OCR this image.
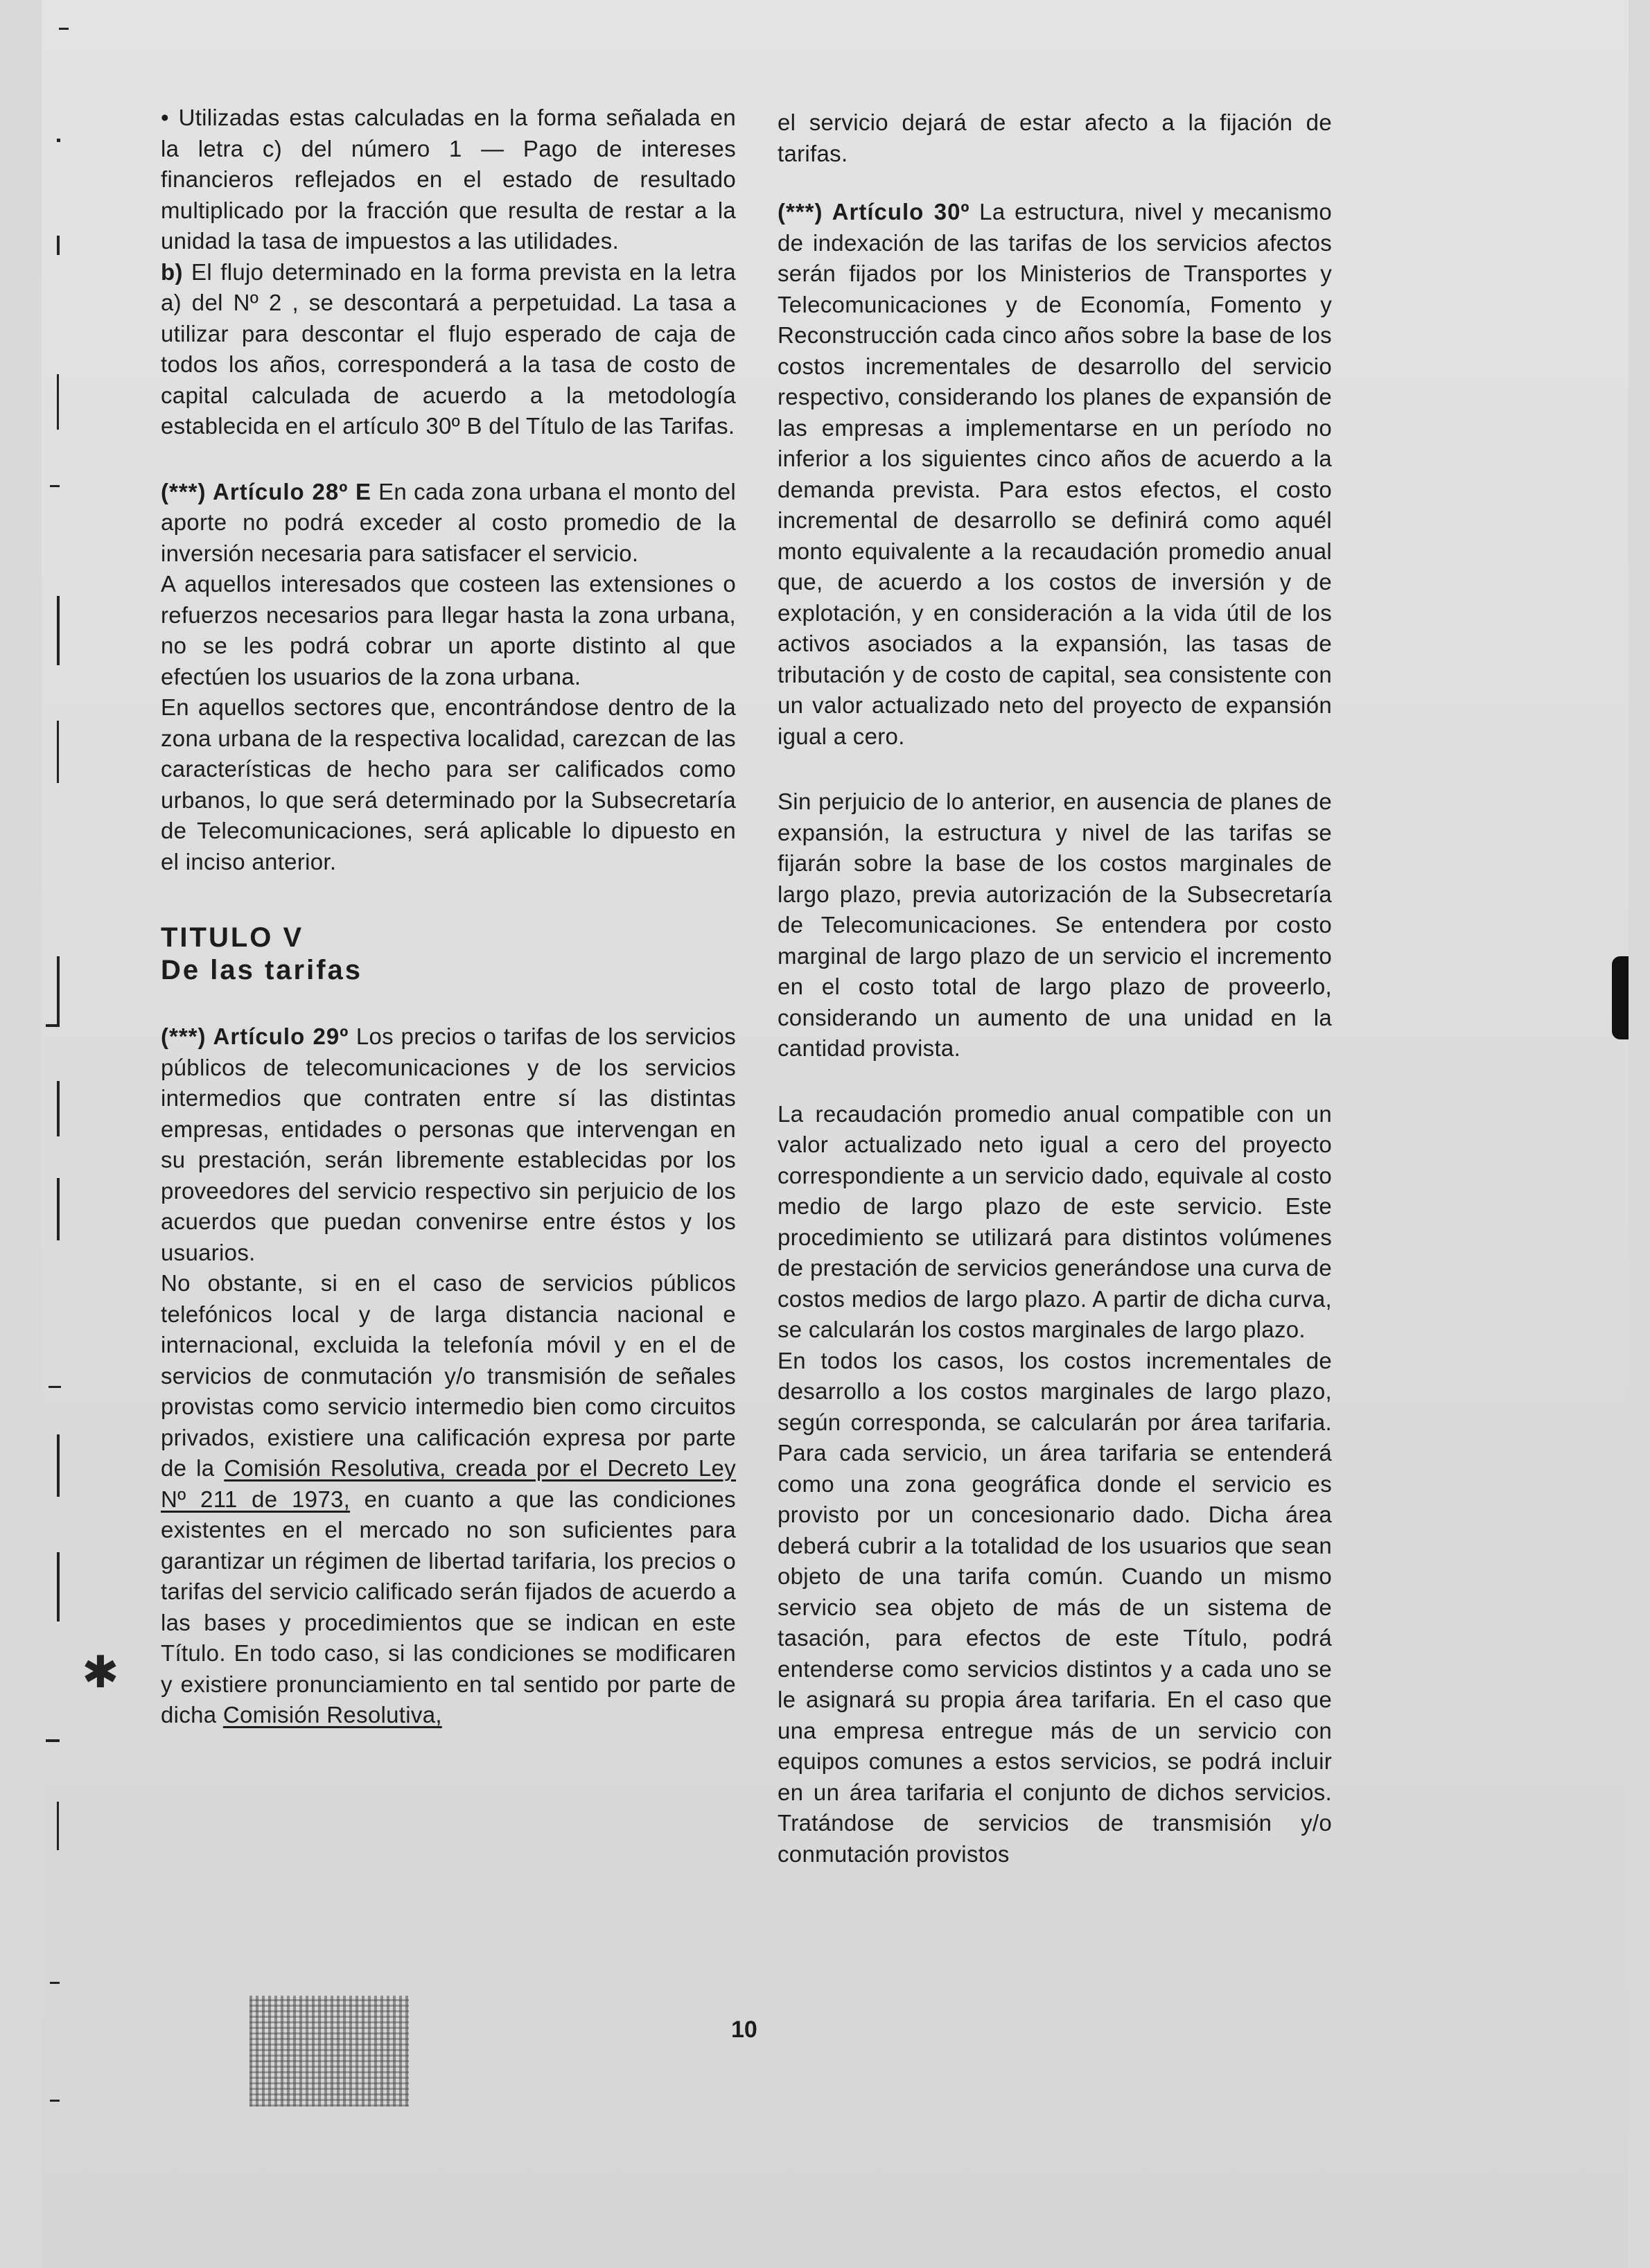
• Utilizadas estas calculadas en la forma señalada en la letra c) del número 1 — Pago de intereses financieros reflejados en el estado de resultado multiplicado por la fracción que resulta de restar a la unidad la tasa de impuestos a las utilidades.

b) El flujo determinado en la forma prevista en la letra a) del Nº 2 , se descontará a perpetuidad. La tasa a utilizar para descontar el flujo esperado de caja de todos los años, corresponderá a la tasa de costo de capital calculada de acuerdo a la metodología establecida en el artículo 30º B del Título de las Tarifas.

(***) Artículo 28º E En cada zona urbana el monto del aporte no podrá exceder al costo promedio de la inversión necesaria para satisfacer el servicio.

A aquellos interesados que costeen las extensiones o refuerzos necesarios para llegar hasta la zona urbana, no se les podrá cobrar un aporte distinto al que efectúen los usuarios de la zona urbana.

En aquellos sectores que, encontrándose dentro de la zona urbana de la respectiva localidad, carezcan de las características de hecho para ser calificados como urbanos, lo que será determinado por la Subsecretaría de Telecomunicaciones, será aplicable lo dipuesto en el inciso anterior.

TITULO V
De las tarifas

(***) Artículo 29º Los precios o tarifas de los servicios públicos de telecomunicaciones y de los servicios intermedios que contraten entre sí las distintas empresas, entidades o personas que intervengan en su prestación, serán libremente establecidas por los proveedores del servicio respectivo sin perjuicio de los acuerdos que puedan convenirse entre éstos y los usuarios.

No obstante, si en el caso de servicios públicos telefónicos local y de larga distancia nacional e internacional, excluida la telefonía móvil y en el de servicios de conmutación y/o transmisión de señales provistas como servicio intermedio bien como circuitos privados, existiere una calificación expresa por parte de la Comisión Resolutiva, creada por el Decreto Ley Nº 211 de 1973, en cuanto a que las condiciones existentes en el mercado no son suficientes para garantizar un régimen de libertad tarifaria, los precios o tarifas del servicio calificado serán fijados de acuerdo a las bases y procedimientos que se indican en este Título. En todo caso, si las condiciones se modificaren y existiere pronunciamiento en tal sentido por parte de dicha Comisión Resolutiva,

el servicio dejará de estar afecto a la fijación de tarifas.

(***) Artículo 30º La estructura, nivel y mecanismo de indexación de las tarifas de los servicios afectos serán fijados por los Ministerios de Transportes y Telecomunicaciones y de Economía, Fomento y Reconstrucción cada cinco años sobre la base de los costos incrementales de desarrollo del servicio respectivo, considerando los planes de expansión de las empresas a implementarse en un período no inferior a los siguientes cinco años de acuerdo a la demanda prevista. Para estos efectos, el costo incremental de desarrollo se definirá como aquél monto equivalente a la recaudación promedio anual que, de acuerdo a los costos de inversión y de explotación, y en consideración a la vida útil de los activos asociados a la expansión, las tasas de tributación y de costo de capital, sea consistente con un valor actualizado neto del proyecto de expansión igual a cero.

Sin perjuicio de lo anterior, en ausencia de planes de expansión, la estructura y nivel de las tarifas se fijarán sobre la base de los costos marginales de largo plazo, previa autorización de la Subsecretaría de Telecomunicaciones. Se entendera por costo marginal de largo plazo de un servicio el incremento en el costo total de largo plazo de proveerlo, considerando un aumento de una unidad en la cantidad provista.

La recaudación promedio anual compatible con un valor actualizado neto igual a cero del proyecto correspondiente a un servicio dado, equivale al costo medio de largo plazo de este servicio. Este procedimiento se utilizará para distintos volúmenes de prestación de servicios generándose una curva de costos medios de largo plazo. A partir de dicha curva, se calcularán los costos marginales de largo plazo.

En todos los casos, los costos incrementales de desarrollo a los costos marginales de largo plazo, según corresponda, se calcularán por área tarifaria. Para cada servicio, un área tarifaria se entenderá como una zona geográfica donde el servicio es provisto por un concesionario dado. Dicha área deberá cubrir a la totalidad de los usuarios que sean objeto de una tarifa común. Cuando un mismo servicio sea objeto de más de un sistema de tasación, para efectos de este Título, podrá entenderse como servicios distintos y a cada uno se le asignará su propia área tarifaria. En el caso que una empresa entregue más de un servicio con equipos comunes a estos servicios, se podrá incluir en un área tarifaria el conjunto de dichos servicios. Tratándose de servicios de transmisión y/o conmutación provistos

10
✱
